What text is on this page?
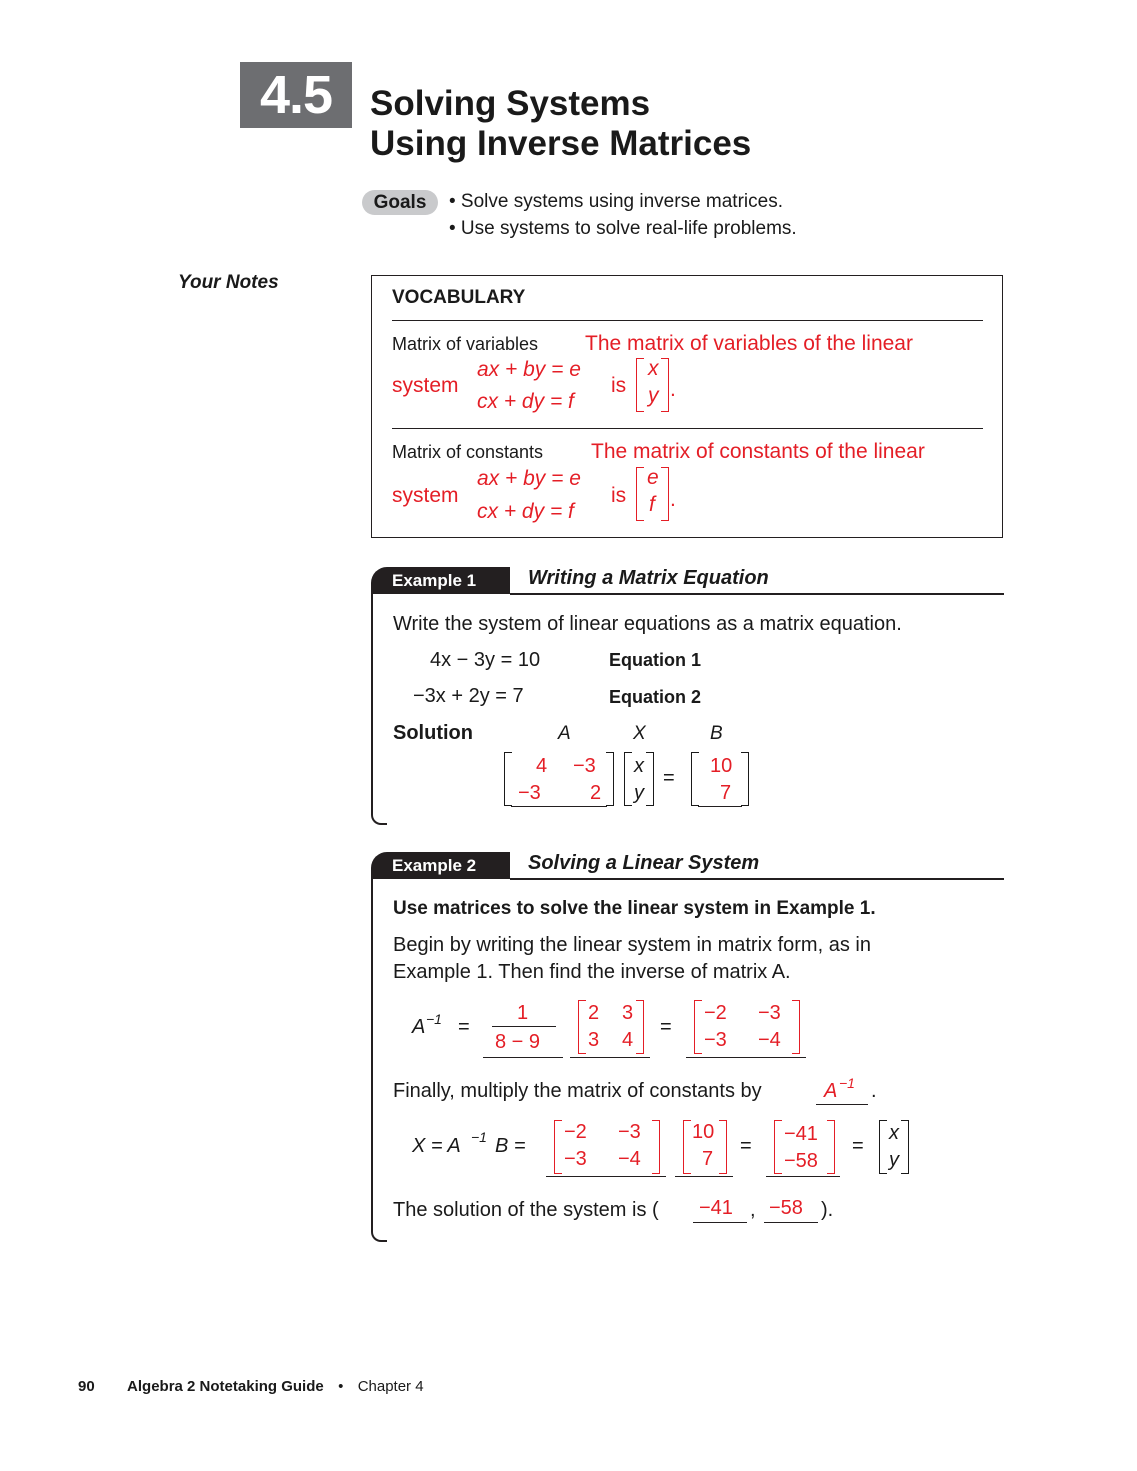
4.5	Solving Systems
Using Inverse Matrices
Goals	• Solve systems using inverse matrices.
• Use systems to solve real-life problems.
Your Notes
VOCABULARY
Matrix of variables The matrix of variables of the linear
system
ax + by = e
cx + dy = f
is
x
y .
Matrix of constants The matrix of constants of the linear
system
ax + by = e
cx + dy = f
is
e
f .
Example 1	Writing a Matrix Equation
Write the system of linear equations as a matrix equation.
4x − 3y = 10	Equation 1
−3x + 2y = 7	Equation 2
Solution	A	X	B
4 −3
−3 2
x
y
=
10
7
Example 2	Solving a Linear System
Use matrices to solve the linear system in Example 1.
Begin by writing the linear system in matrix form, as in
Example 1. Then find the inverse of matrix A.
A −1 =
1
8 − 9
2 3
3 4
=
−2 −3
−3 −4
Finally, multiply the matrix of constants by	A −1 .
X = A −1 B =
−2 −3
−3 −4
10
7
=
−41
−58
=
x
y
The solution of the system is ( −41 , −58 ).
90 Algebra 2 Notetaking Guide • Chapter 4
